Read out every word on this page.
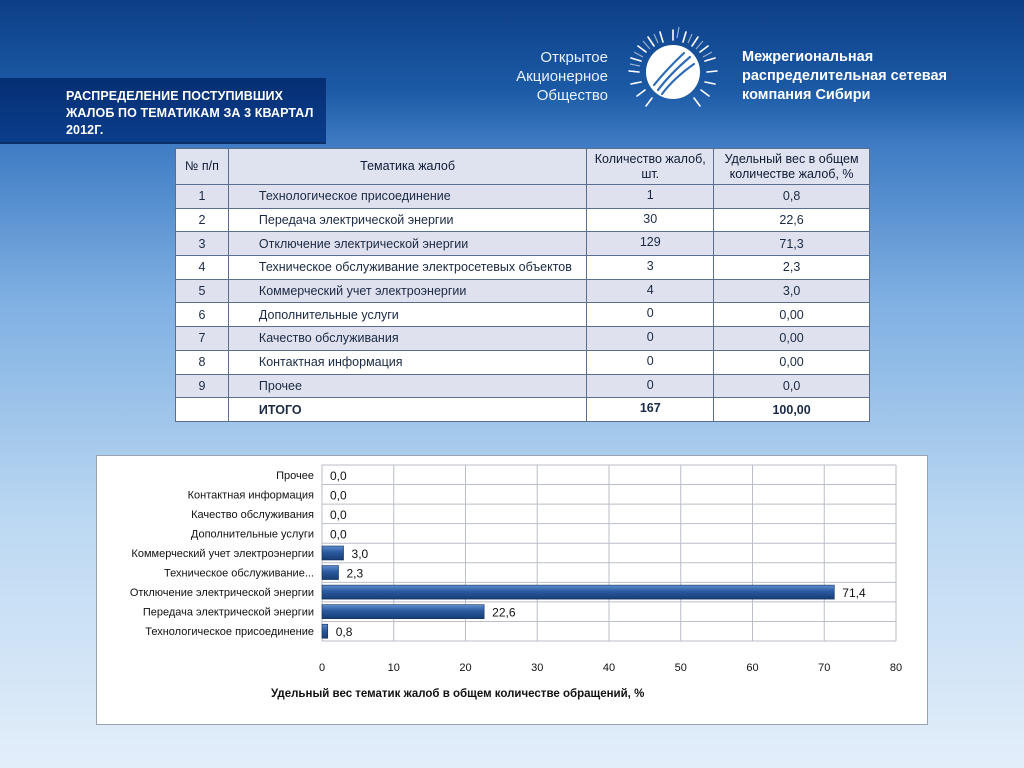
РАСПРЕДЕЛЕНИЕ ПОСТУПИВШИХ ЖАЛОБ ПО ТЕМАТИКАМ ЗА 3 КВАРТАЛ 2012Г.
Открытое
Акционерное
Общество
Межрегиональная
распределительная сетевая
компания Сибири
№ п/п	Тематика жалоб	Количество жалоб, шт.	Удельный вес в общем количестве жалоб, %
1	Технологическое присоединение	1	0,8
2	Передача электрической энергии	30	22,6
3	Отключение электрической энергии	129	71,3
4	Техническое обслуживание электросетевых объектов	3	2,3
5	Коммерческий учет электроэнергии	4	3,0
6	Дополнительные услуги	0	0,00
7	Качество обслуживания	0	0,00
8	Контактная информация	0	0,00
9	Прочее	0	0,0
	ИТОГО	167	100,00
Прочее 0,0
Контактная информация 0,0
Качество обслуживания 0,0
Дополнительные услуги 0,0
Коммерческий учет электроэнергии	3,0
Техническое обслуживание...	2,3
Отключение электрической энергии	71,4
Передача электрической энергии	22,6
Технологическое присоединение 0,8
0	10	20	30	40	50	60	70	80
Удельный вес тематик жалоб в общем количестве обращений, %
